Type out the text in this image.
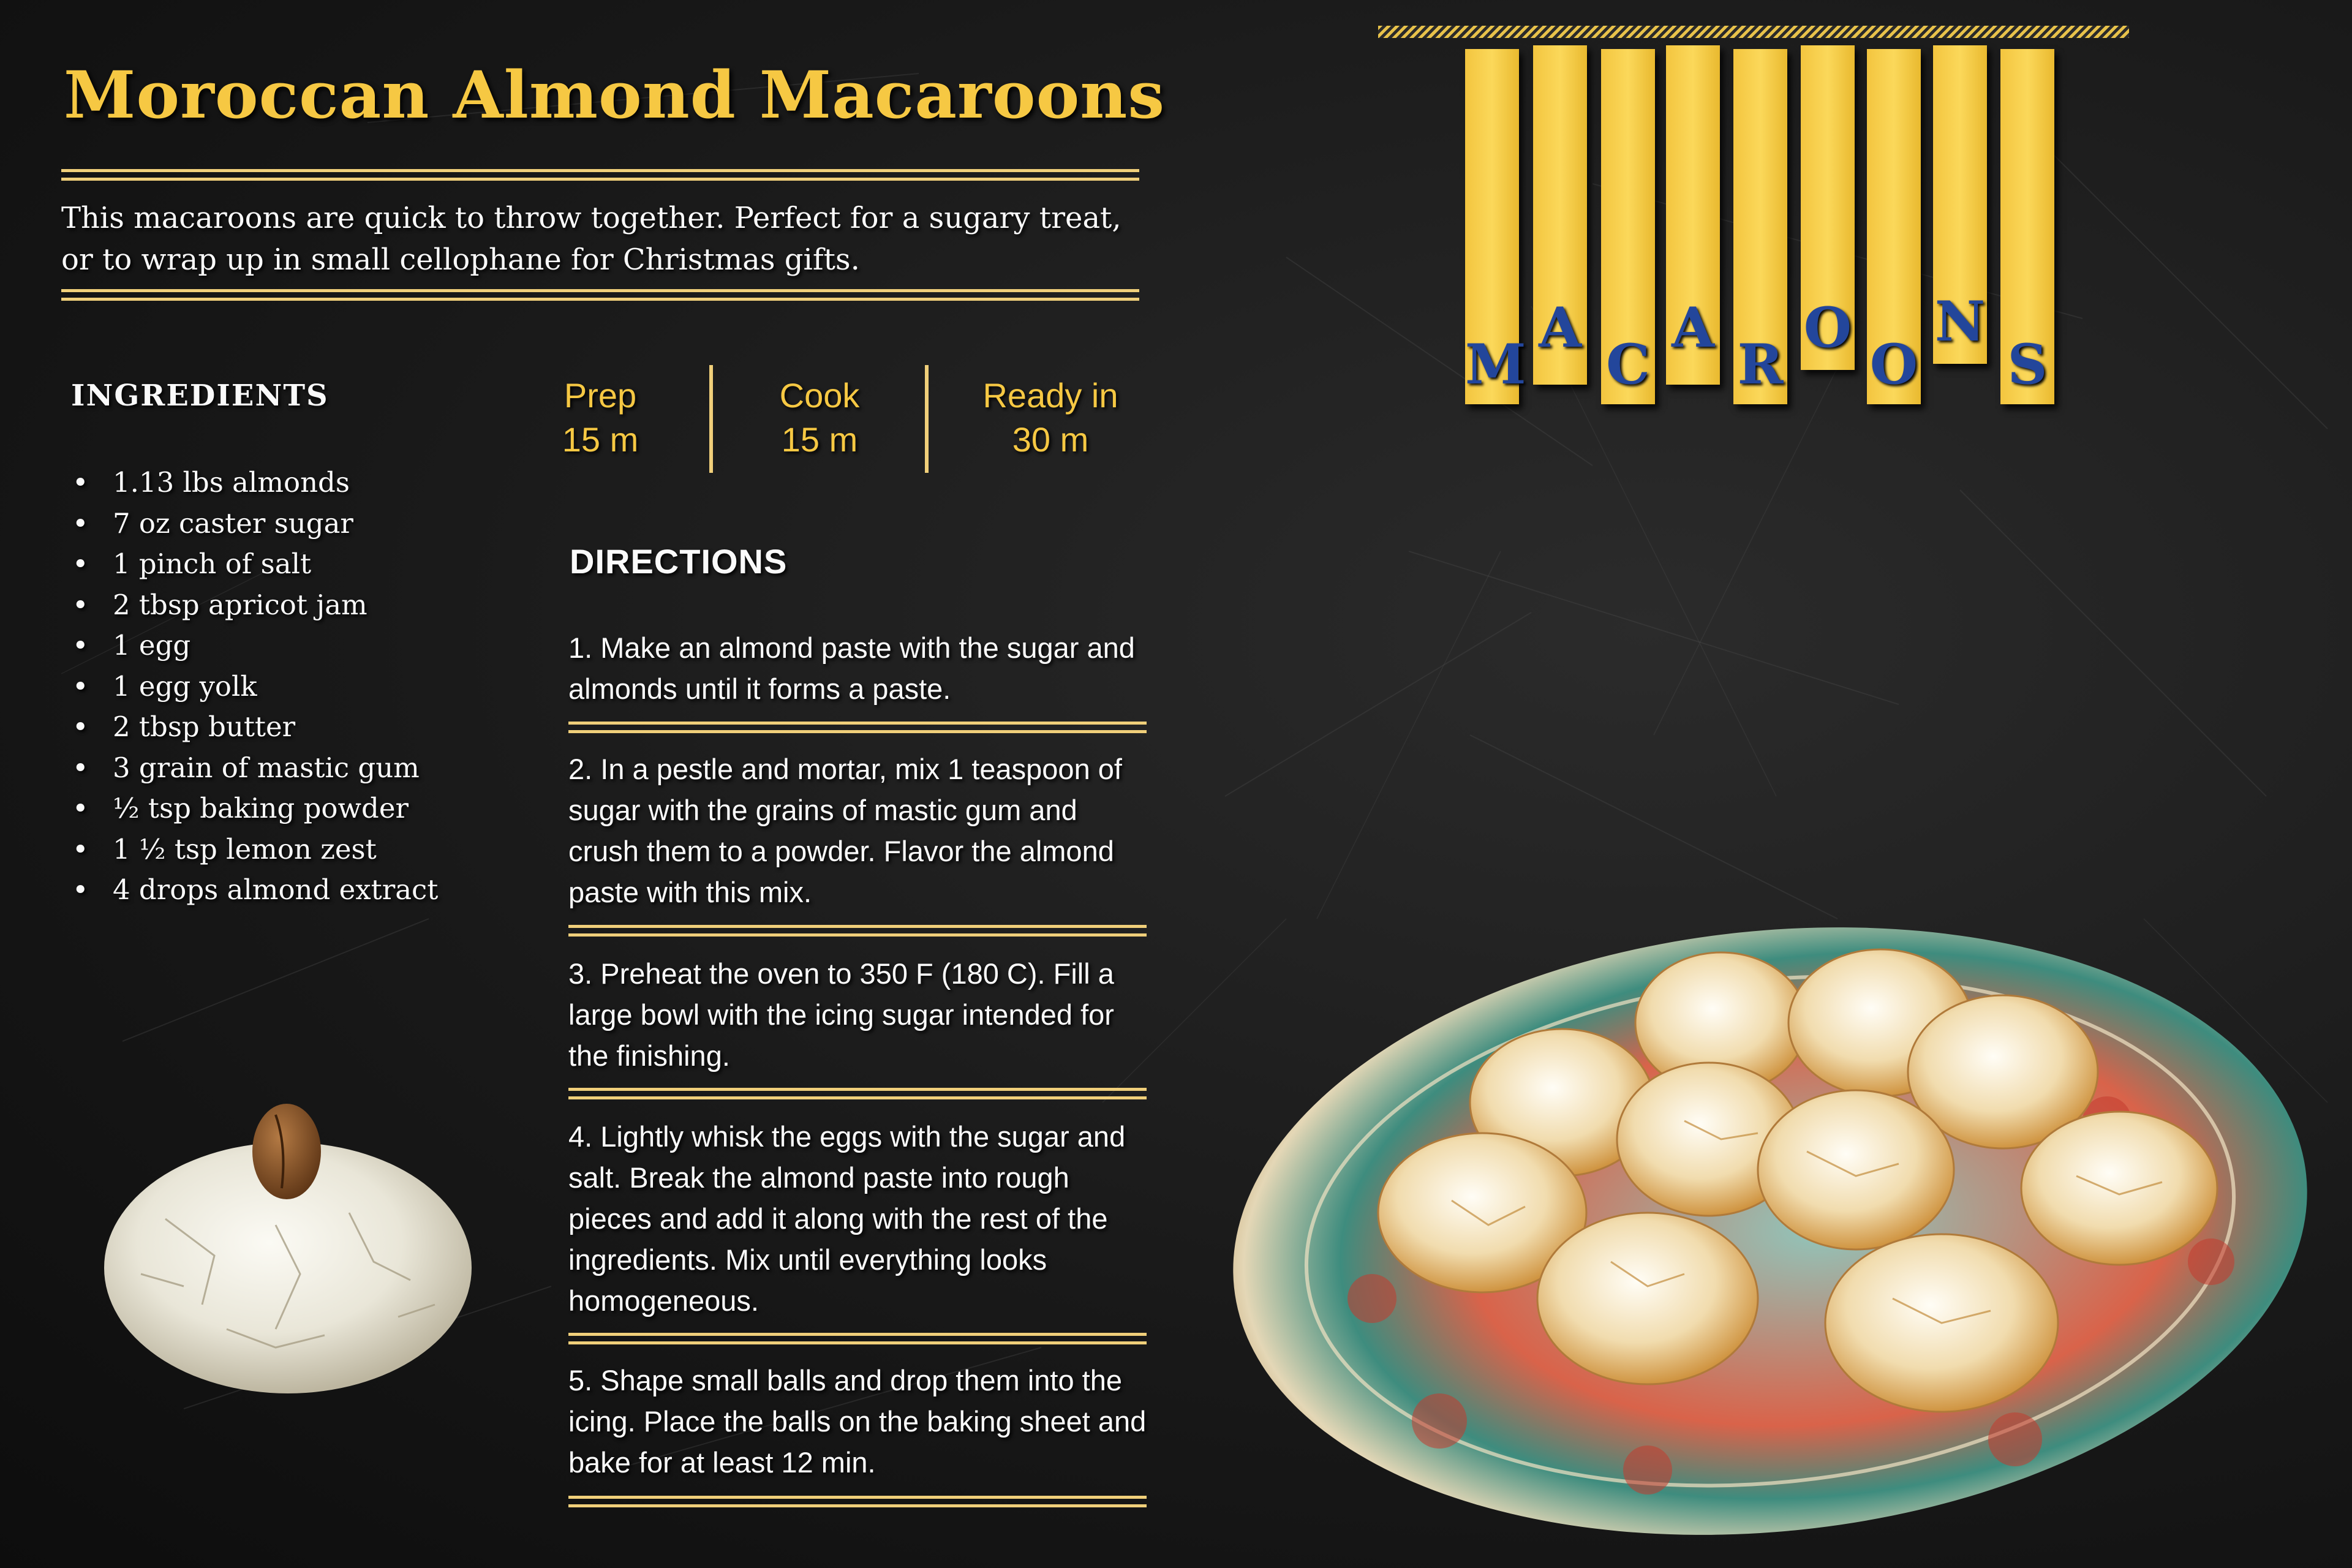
Moroccan Almond Macaroons

This macaroons are quick to throw together. Perfect for a sugary treat, or to wrap up in small cellophane for Christmas gifts.

INGREDIENTS
• 1.13 lbs almonds
• 7 oz caster sugar
• 1 pinch of salt
• 2 tbsp apricot jam
• 1 egg
• 1 egg yolk
• 2 tbsp butter
• 3 grain of mastic gum
• ½ tsp baking powder
• 1 ½ tsp lemon zest
• 4 drops almond extract
Prep
15 m
Cook
15 m
Ready in
30 m
DIRECTIONS

1. Make an almond paste with the sugar and almonds until it forms a paste.

2. In a pestle and mortar, mix 1 teaspoon of sugar with the grains of mastic gum and crush them to a powder. Flavor the almond paste with this mix.

3. Preheat the oven to 350 F (180 C). Fill a large bowl with the icing sugar intended for the finishing.

4. Lightly whisk the eggs with the sugar and salt. Break the almond paste into rough pieces and add it along with the rest of the ingredients. Mix until everything looks homogeneous.

5. Shape small balls and drop them into the icing. Place the balls on the baking sheet and bake for at least 12 min.

M
A
C
A
R
O
O
N
S
